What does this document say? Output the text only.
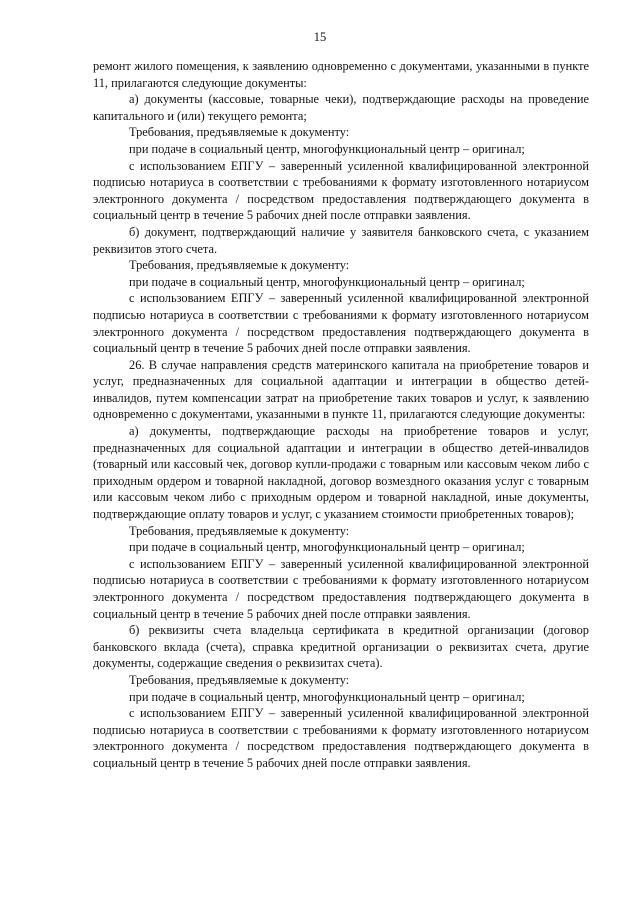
15

ремонт жилого помещения, к заявлению одновременно с документами, указанными в пункте 11, прилагаются следующие документы:

а) документы (кассовые, товарные чеки), подтверждающие расходы на проведение капитального и (или) текущего ремонта;

Требования, предъявляемые к документу:

при подаче в социальный центр, многофункциональный центр – оригинал;

с использованием ЕПГУ – заверенный усиленной квалифицированной электронной подписью нотариуса в соответствии с требованиями к формату изготовленного нотариусом электронного документа / посредством предоставления подтверждающего документа в социальный центр в течение 5 рабочих дней после отправки заявления.

б) документ, подтверждающий наличие у заявителя банковского счета, с указанием реквизитов этого счета.

Требования, предъявляемые к документу:

при подаче в социальный центр, многофункциональный центр – оригинал;

с использованием ЕПГУ – заверенный усиленной квалифицированной электронной подписью нотариуса в соответствии с требованиями к формату изготовленного нотариусом электронного документа / посредством предоставления подтверждающего документа в социальный центр в течение 5 рабочих дней после отправки заявления.

26. В случае направления средств материнского капитала на приобретение товаров и услуг, предназначенных для социальной адаптации и интеграции в общество детей-инвалидов, путем компенсации затрат на приобретение таких товаров и услуг, к заявлению одновременно с документами, указанными в пункте 11, прилагаются следующие документы:

а) документы, подтверждающие расходы на приобретение товаров и услуг, предназначенных для социальной адаптации и интеграции в общество детей-инвалидов (товарный или кассовый чек, договор купли-продажи с товарным или кассовым чеком либо с приходным ордером и товарной накладной, договор возмездного оказания услуг с товарным или кассовым чеком либо с приходным ордером и товарной накладной, иные документы, подтверждающие оплату товаров и услуг, с указанием стоимости приобретенных товаров);

Требования, предъявляемые к документу:

при подаче в социальный центр, многофункциональный центр – оригинал;

с использованием ЕПГУ – заверенный усиленной квалифицированной электронной подписью нотариуса в соответствии с требованиями к формату изготовленного нотариусом электронного документа / посредством предоставления подтверждающего документа в социальный центр в течение 5 рабочих дней после отправки заявления.

б) реквизиты счета владельца сертификата в кредитной организации (договор банковского вклада (счета), справка кредитной организации о реквизитах счета, другие документы, содержащие сведения о реквизитах счета).

Требования, предъявляемые к документу:

при подаче в социальный центр, многофункциональный центр – оригинал;

с использованием ЕПГУ – заверенный усиленной квалифицированной электронной подписью нотариуса в соответствии с требованиями к формату изготовленного нотариусом электронного документа / посредством предоставления подтверждающего документа в социальный центр в течение 5 рабочих дней после отправки заявления.
